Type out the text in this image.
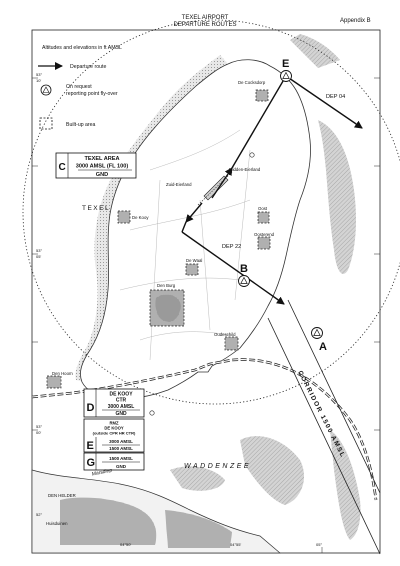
Altitudes and elevations in ft AMSL
Departure route
On request
reporting point fly-over
Built-up area
C
TEXEL AREA
3000 AMSL (FL 100)
GND
D
DE KOOY
CTR
3000 AMSL
GND
RMZ
DE KOOY
(outside CPR HR CTR)
E	3000 AMSL
1500 AMSL
G	1500 AMSL
GND
De Cocksdorp
Midden-Eierland
Zuid-Eierland
TEXEL
De Kooy
Oost
Oosterend
De Waal
Den Burg
Oudeschild
Den Hoorn
WADDENZEE
Marsdiep
DEN HELDER
Huisduinen
DEP 04
DEP 22
CORRIDOR 1500 AMSL
E
B
A
53°
10'
53°
05'
53°
00'
52°
04°50'	04°55'	05°
TEXEL AIRPORT
DEPARTURE ROUTES
Appendix B
